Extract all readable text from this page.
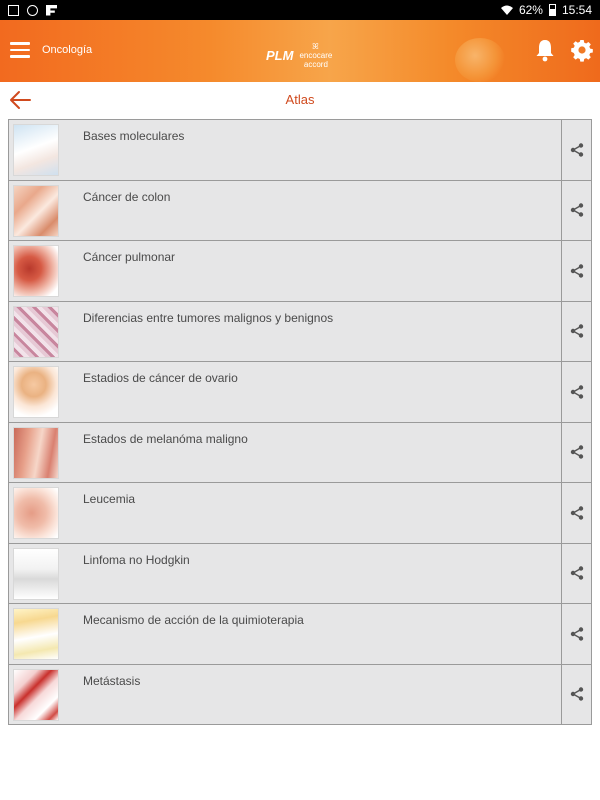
62% 15:54
Oncología	PLM
ꕤ
encocare
accord
Atlas
Bases moleculares
Cáncer de colon
Cáncer pulmonar
Diferencias entre tumores malignos y benignos
Estadios de cáncer de ovario
Estados de melanóma maligno
Leucemia
Linfoma no Hodgkin
Mecanismo de acción de la quimioterapia
Metástasis
